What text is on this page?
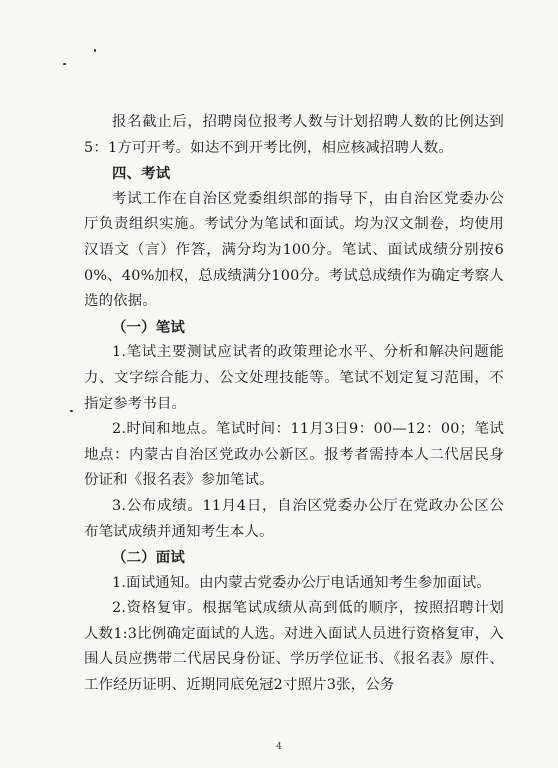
报名截止后，招聘岗位报考人数与计划招聘人数的比例达到5：1方可开考。如达不到开考比例，相应核减招聘人数。

四、考试

考试工作在自治区党委组织部的指导下，由自治区党委办公厅负责组织实施。考试分为笔试和面试。均为汉文制卷，均使用汉语文（言）作答，满分均为100分。笔试、面试成绩分别按60%、40%加权，总成绩满分100分。考试总成绩作为确定考察人选的依据。

（一）笔试

1.笔试主要测试应试者的政策理论水平、分析和解决问题能力、文字综合能力、公文处理技能等。笔试不划定复习范围，不指定参考书目。

2.时间和地点。笔试时间：11月3日9：00—12：00；笔试地点：内蒙古自治区党政办公新区。报考者需持本人二代居民身份证和《报名表》参加笔试。

3.公布成绩。11月4日，自治区党委办公厅在党政办公区公布笔试成绩并通知考生本人。

（二）面试

1.面试通知。由内蒙古党委办公厅电话通知考生参加面试。

2.资格复审。根据笔试成绩从高到低的顺序，按照招聘计划人数1:3比例确定面试的人选。对进入面试人员进行资格复审，入围人员应携带二代居民身份证、学历学位证书、《报名表》原件、工作经历证明、近期同底免冠2寸照片3张，公务

4
